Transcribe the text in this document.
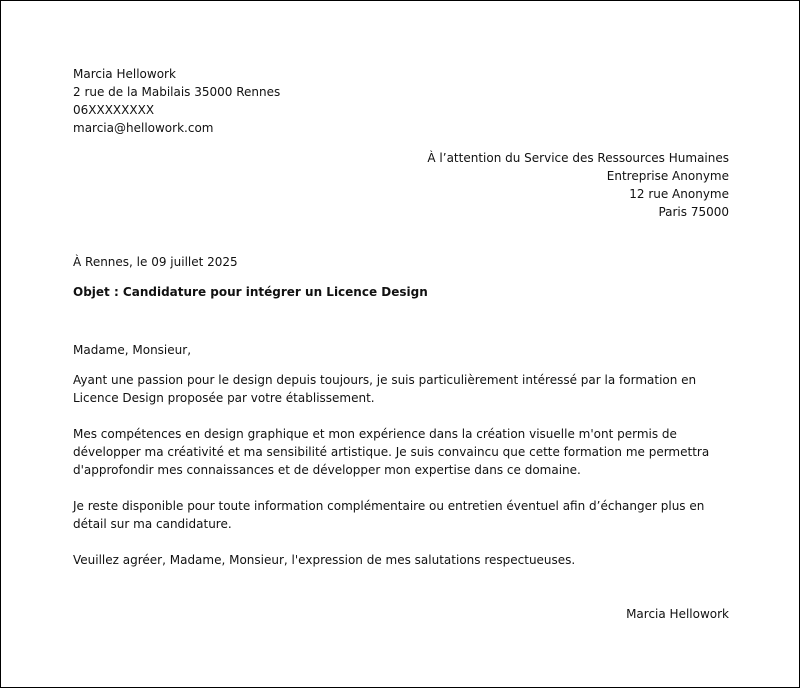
Marcia Hellowork
2 rue de la Mabilais 35000 Rennes
06XXXXXXXX
marcia@hellowork.com
À l’attention du Service des Ressources Humaines
Entreprise Anonyme
12 rue Anonyme
Paris 75000

À Rennes, le 09 juillet 2025

Objet : Candidature pour intégrer un Licence Design

Madame, Monsieur,

Ayant une passion pour le design depuis toujours, je suis particulièrement intéressé par la formation en Licence Design proposée par votre établissement.

Mes compétences en design graphique et mon expérience dans la création visuelle m'ont permis de développer ma créativité et ma sensibilité artistique. Je suis convaincu que cette formation me permettra d'approfondir mes connaissances et de développer mon expertise dans ce domaine.

Je reste disponible pour toute information complémentaire ou entretien éventuel afin d’échanger plus en détail sur ma candidature.

Veuillez agréer, Madame, Monsieur, l'expression de mes salutations respectueuses.

Marcia Hellowork
